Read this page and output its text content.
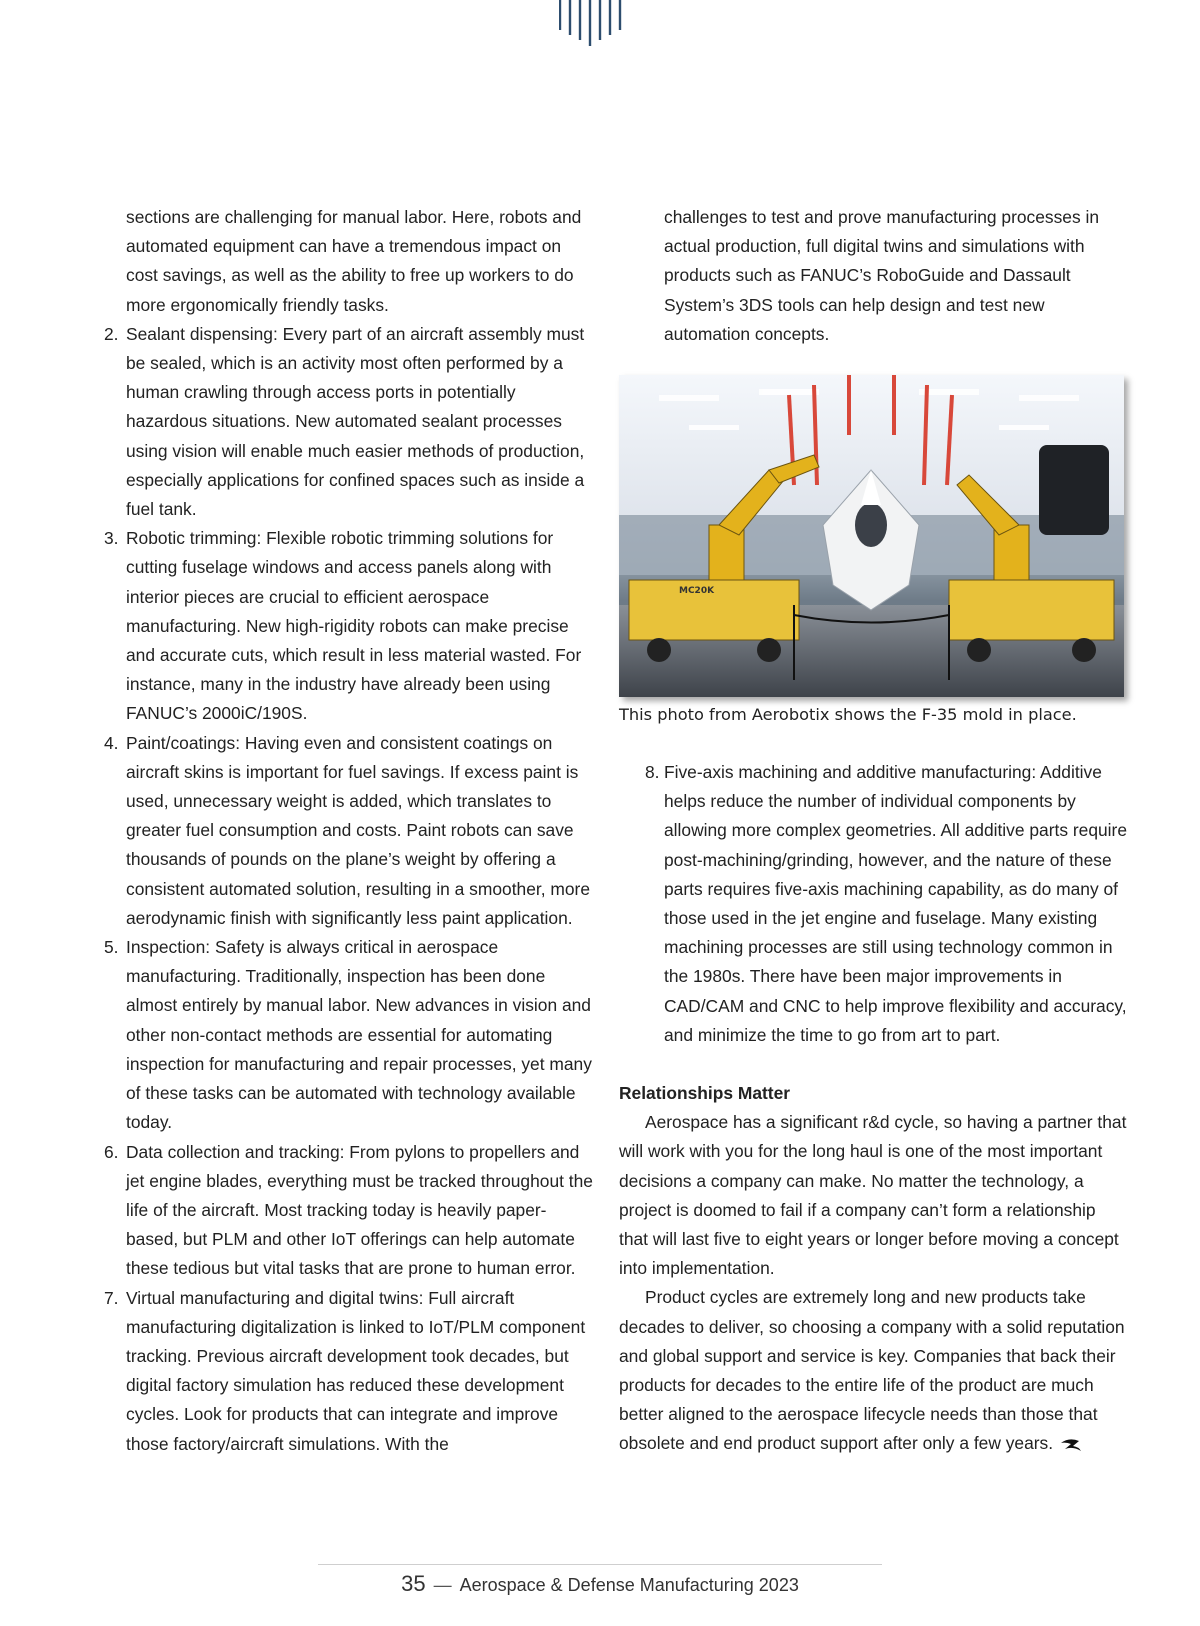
sections are challenging for manual labor. Here, robots and automated equipment can have a tremendous impact on cost savings, as well as the ability to free up workers to do more ergonomically friendly tasks.
2. Sealant dispensing: Every part of an aircraft assembly must be sealed, which is an activity most often performed by a human crawling through access ports in potentially hazardous situations. New automated sealant processes using vision will enable much easier methods of production, especially applications for confined spaces such as inside a fuel tank.
3. Robotic trimming: Flexible robotic trimming solutions for cutting fuselage windows and access panels along with interior pieces are crucial to efficient aerospace manufacturing. New high-rigidity robots can make precise and accurate cuts, which result in less material wasted. For instance, many in the industry have already been using FANUC’s 2000iC/190S.
4. Paint/coatings: Having even and consistent coatings on aircraft skins is important for fuel savings. If excess paint is used, unnecessary weight is added, which translates to greater fuel consumption and costs. Paint robots can save thousands of pounds on the plane’s weight by offering a consistent automated solution, resulting in a smoother, more aerodynamic finish with significantly less paint application.
5. Inspection: Safety is always critical in aerospace manufacturing. Traditionally, inspection has been done almost entirely by manual labor. New advances in vision and other non-contact methods are essential for automating inspection for manufacturing and repair processes, yet many of these tasks can be automated with technology available today.
6. Data collection and tracking: From pylons to propellers and jet engine blades, everything must be tracked throughout the life of the aircraft. Most tracking today is heavily paper-based, but PLM and other IoT offerings can help automate these tedious but vital tasks that are prone to human error.
7. Virtual manufacturing and digital twins: Full aircraft manufacturing digitalization is linked to IoT/PLM component tracking. Previous aircraft development took decades, but digital factory simulation has reduced these development cycles. Look for products that can integrate and improve those factory/aircraft simulations. With the
challenges to test and prove manufacturing processes in actual production, full digital twins and simulations with products such as FANUC’s RoboGuide and Dassault System’s 3DS tools can help design and test new automation concepts.
MC20K
This photo from Aerobotix shows the F-35 mold in place.
8. Five-axis machining and additive manufacturing: Additive helps reduce the number of individual components by allowing more complex geometries. All additive parts require post-machining/grinding, however, and the nature of these parts requires five-axis machining capability, as do many of those used in the jet engine and fuselage. Many existing machining processes are still using technology common in the 1980s. There have been major improvements in CAD/CAM and CNC to help improve flexibility and accuracy, and minimize the time to go from art to part.
Relationships Matter
Aerospace has a significant r&d cycle, so having a partner that will work with you for the long haul is one of the most important decisions a company can make. No matter the technology, a project is doomed to fail if a company can’t form a relationship that will last five to eight years or longer before moving a concept into implementation.
Product cycles are extremely long and new products take decades to deliver, so choosing a company with a solid reputation and global support and service is key. Companies that back their products for decades to the entire life of the product are much better aligned to the aerospace lifecycle needs than those that obsolete and end product support after only a few years.
35 — Aerospace & Defense Manufacturing 2023
